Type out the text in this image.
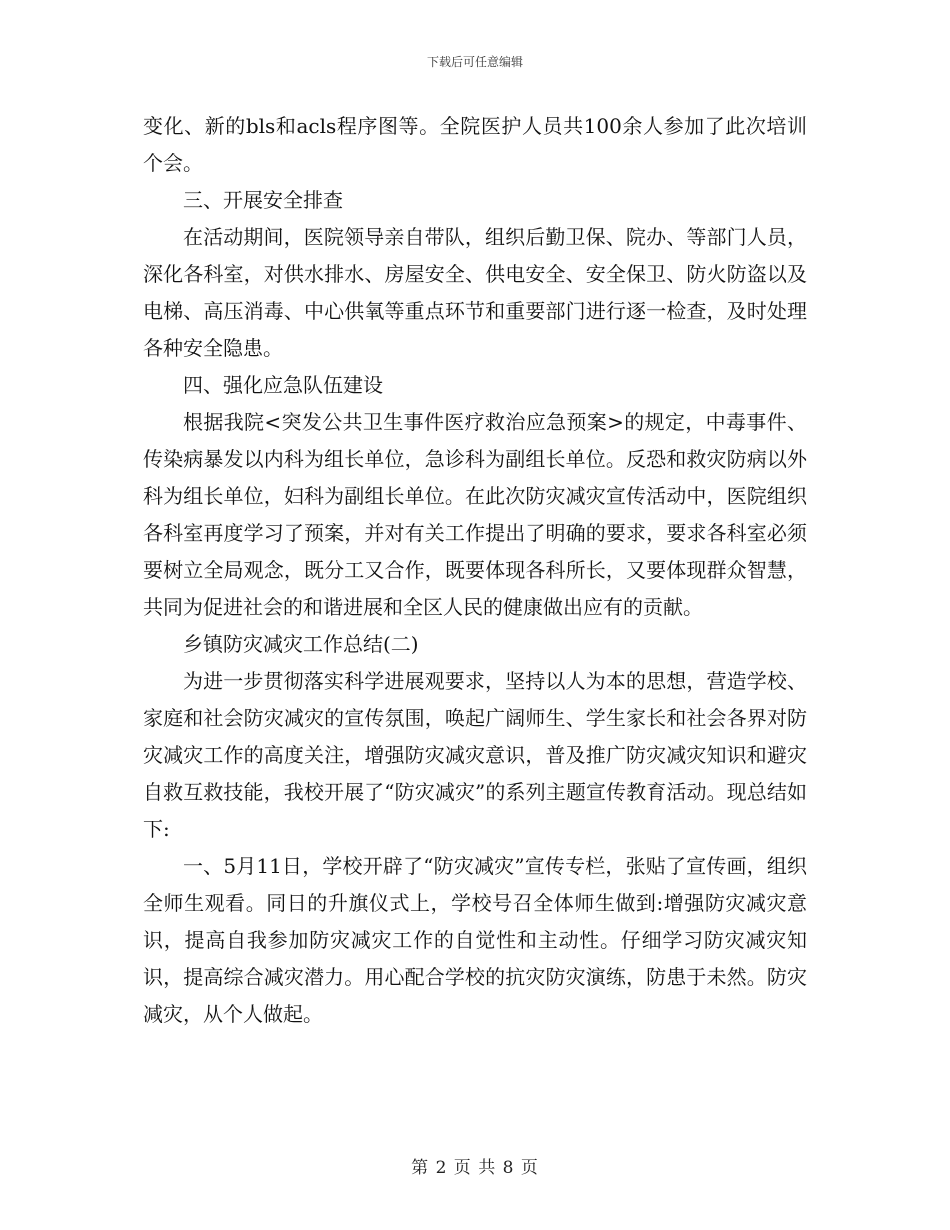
下载后可任意编辑

变化、新的bls和acls程序图等。全院医护人员共100余人参加了此次培训个会。

三、开展安全排查

在活动期间，医院领导亲自带队，组织后勤卫保、院办、等部门人员，深化各科室，对供水排水、房屋安全、供电安全、安全保卫、防火防盗以及电梯、高压消毒、中心供氧等重点环节和重要部门进行逐一检查，及时处理各种安全隐患。

四、强化应急队伍建设

根据我院<突发公共卫生事件医疗救治应急预案>的规定，中毒事件、传染病暴发以内科为组长单位，急诊科为副组长单位。反恐和救灾防病以外科为组长单位，妇科为副组长单位。在此次防灾减灾宣传活动中，医院组织各科室再度学习了预案，并对有关工作提出了明确的要求，要求各科室必须要树立全局观念，既分工又合作，既要体现各科所长，又要体现群众智慧，共同为促进社会的和谐进展和全区人民的健康做出应有的贡献。

乡镇防灾减灾工作总结(二)

为进一步贯彻落实科学进展观要求，坚持以人为本的思想，营造学校、家庭和社会防灾减灾的宣传氛围，唤起广阔师生、学生家长和社会各界对防灾减灾工作的高度关注，增强防灾减灾意识，普及推广防灾减灾知识和避灾自救互救技能，我校开展了“防灾减灾”的系列主题宣传教育活动。现总结如下:

一、5月11日，学校开辟了“防灾减灾”宣传专栏，张贴了宣传画，组织全师生观看。同日的升旗仪式上，学校号召全体师生做到:增强防灾减灾意识，提高自我参加防灾减灾工作的自觉性和主动性。仔细学习防灾减灾知识，提高综合减灾潜力。用心配合学校的抗灾防灾演练，防患于未然。防灾减灾，从个人做起。

第 2 页 共 8 页
